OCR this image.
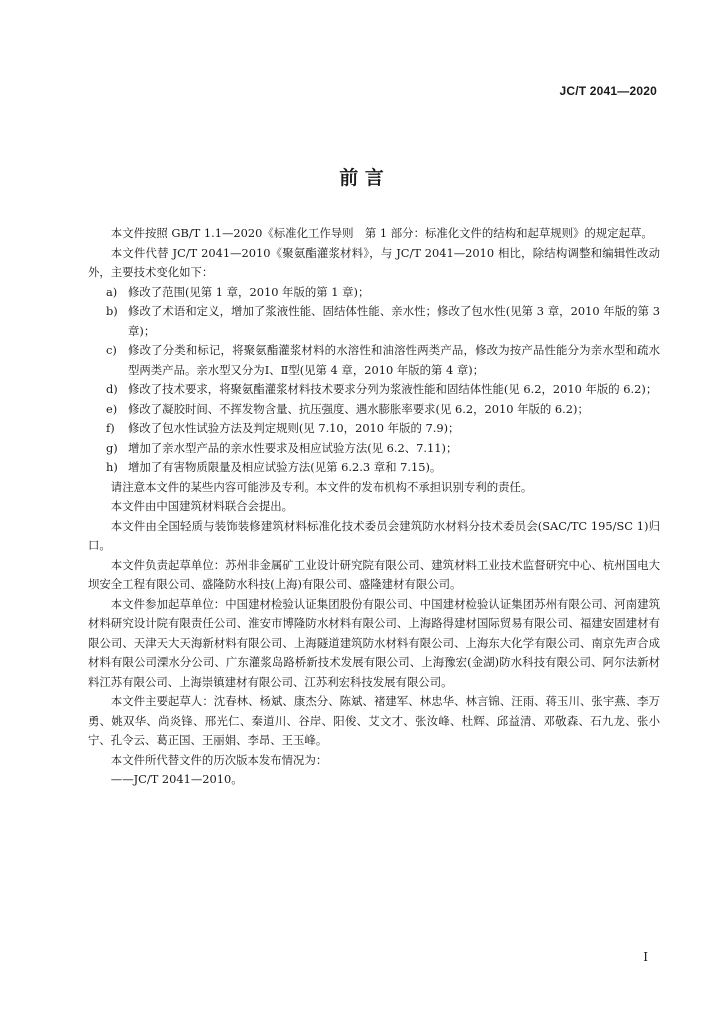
JC/T 2041—2020
前 言

本文件按照 GB/T 1.1—2020《标准化工作导则　第 1 部分：标准化文件的结构和起草规则》的规定起草。

本文件代替 JC/T 2041—2010《聚氨酯灌浆材料》，与 JC/T 2041—2010 相比，除结构调整和编辑性改动外，主要技术变化如下：

a) 修改了范围(见第 1 章，2010 年版的第 1 章)；
b) 修改了术语和定义，增加了浆液性能、固结体性能、亲水性；修改了包水性(见第 3 章，2010 年版的第 3 章)；
c) 修改了分类和标记，将聚氨酯灌浆材料的水溶性和油溶性两类产品，修改为按产品性能分为亲水型和疏水型两类产品。亲水型又分为Ⅰ、Ⅱ型(见第 4 章，2010 年版的第 4 章)；
d) 修改了技术要求，将聚氨酯灌浆材料技术要求分列为浆液性能和固结体性能(见 6.2，2010 年版的 6.2)；
e) 修改了凝胶时间、不挥发物含量、抗压强度、遇水膨胀率要求(见 6.2，2010 年版的 6.2)；
f)	修改了包水性试验方法及判定规则(见 7.10，2010 年版的 7.9)；
g) 增加了亲水型产品的亲水性要求及相应试验方法(见 6.2、7.11)；
h) 增加了有害物质限量及相应试验方法(见第 6.2.3 章和 7.15)。

请注意本文件的某些内容可能涉及专利。本文件的发布机构不承担识别专利的责任。

本文件由中国建筑材料联合会提出。

本文件由全国轻质与装饰装修建筑材料标准化技术委员会建筑防水材料分技术委员会(SAC/TC 195/SC 1)归口。

本文件负责起草单位：苏州非金属矿工业设计研究院有限公司、建筑材料工业技术监督研究中心、杭州国电大坝安全工程有限公司、盛隆防水科技(上海)有限公司、盛隆建材有限公司。

本文件参加起草单位：中国建材检验认证集团股份有限公司、中国建材检验认证集团苏州有限公司、河南建筑材料研究设计院有限责任公司、淮安市博隆防水材料有限公司、上海路得建材国际贸易有限公司、福建安固建材有限公司、天津天大天海新材料有限公司、上海隧道建筑防水材料有限公司、上海东大化学有限公司、南京先声合成材料有限公司溧水分公司、广东灌浆岛路桥新技术发展有限公司、上海豫宏(金湖)防水科技有限公司、阿尔法新材料江苏有限公司、上海崇镇建材有限公司、江苏利宏科技发展有限公司。

本文件主要起草人：沈春林、杨斌、康杰分、陈斌、褚建军、林忠华、林言锦、汪雨、蒋玉川、张宇燕、李万勇、姚双华、尚炎锋、邢光仁、秦道川、谷岸、阳俊、艾文才、张汝峰、杜辉、邱益清、邓敬森、石九龙、张小宁、孔令云、葛正国、王丽娟、李昂、王玉峰。

本文件所代替文件的历次版本发布情况为：

——JC/T 2041—2010。

I
